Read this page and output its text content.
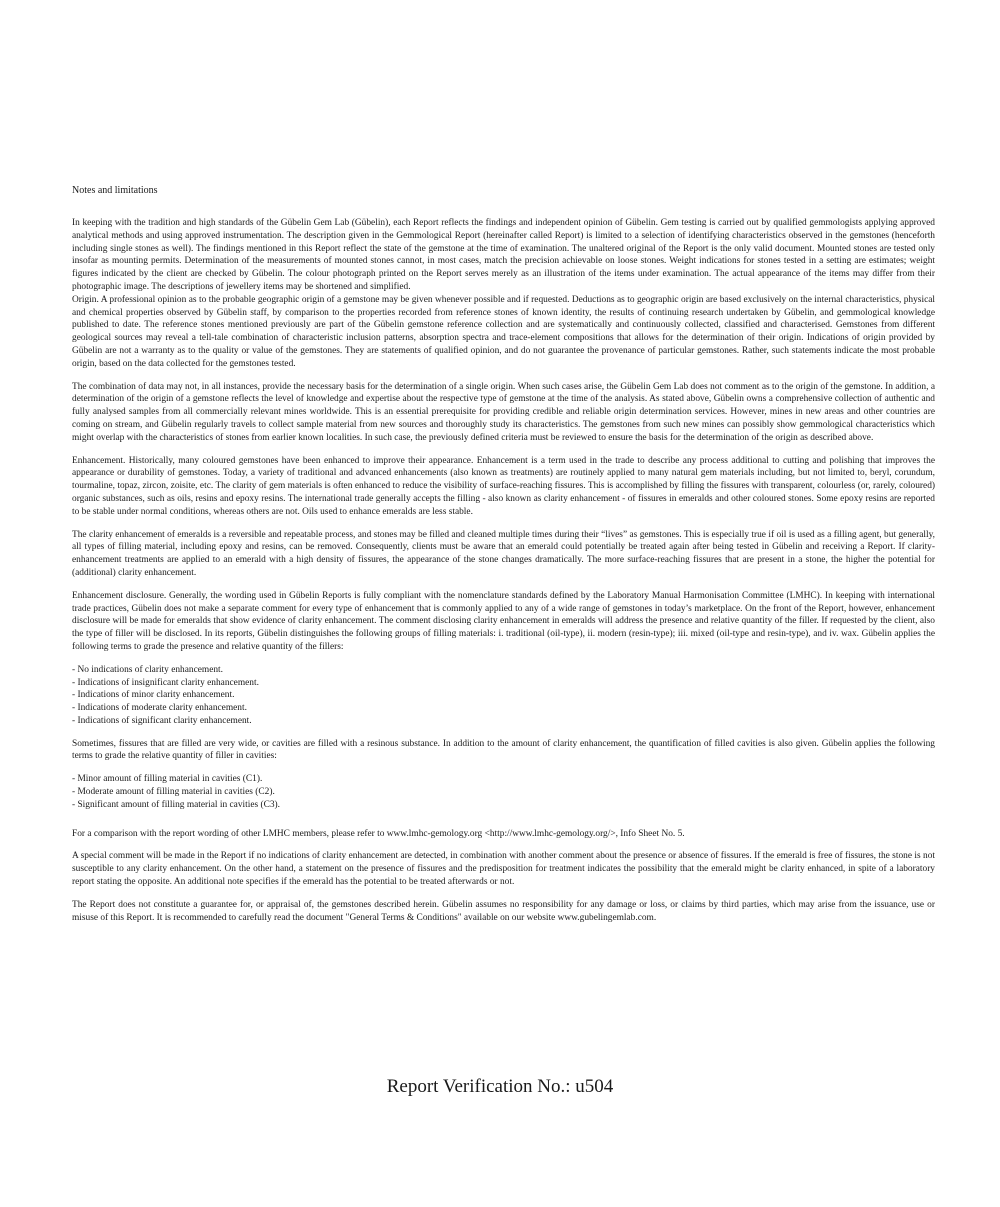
Notes and limitations

In keeping with the tradition and high standards of the Gübelin Gem Lab (Gübelin), each Report reflects the findings and independent opinion of Gübelin. Gem testing is carried out by qualified gemmologists applying approved analytical methods and using approved instrumentation. The description given in the Gemmological Report (hereinafter called Report) is limited to a selection of identifying characteristics observed in the gemstones (henceforth including single stones as well). The findings mentioned in this Report reflect the state of the gemstone at the time of examination. The unaltered original of the Report is the only valid document. Mounted stones are tested only insofar as mounting permits. Determination of the measurements of mounted stones cannot, in most cases, match the precision achievable on loose stones. Weight indications for stones tested in a setting are estimates; weight figures indicated by the client are checked by Gübelin. The colour photograph printed on the Report serves merely as an illustration of the items under examination. The actual appearance of the items may differ from their photographic image. The descriptions of jewellery items may be shortened and simplified.

Origin. A professional opinion as to the probable geographic origin of a gemstone may be given whenever possible and if requested. Deductions as to geographic origin are based exclusively on the internal characteristics, physical and chemical properties observed by Gübelin staff, by comparison to the properties recorded from reference stones of known identity, the results of continuing research undertaken by Gübelin, and gemmological knowledge published to date. The reference stones mentioned previously are part of the Gübelin gemstone reference collection and are systematically and continuously collected, classified and characterised. Gemstones from different geological sources may reveal a tell-tale combination of characteristic inclusion patterns, absorption spectra and trace-element compositions that allows for the determination of their origin. Indications of origin provided by Gübelin are not a warranty as to the quality or value of the gemstones. They are statements of qualified opinion, and do not guarantee the provenance of particular gemstones. Rather, such statements indicate the most probable origin, based on the data collected for the gemstones tested.

The combination of data may not, in all instances, provide the necessary basis for the determination of a single origin. When such cases arise, the Gübelin Gem Lab does not comment as to the origin of the gemstone. In addition, a determination of the origin of a gemstone reflects the level of knowledge and expertise about the respective type of gemstone at the time of the analysis. As stated above, Gübelin owns a comprehensive collection of authentic and fully analysed samples from all commercially relevant mines worldwide. This is an essential prerequisite for providing credible and reliable origin determination services. However, mines in new areas and other countries are coming on stream, and Gübelin regularly travels to collect sample material from new sources and thoroughly study its characteristics. The gemstones from such new mines can possibly show gemmological characteristics which might overlap with the characteristics of stones from earlier known localities. In such case, the previously defined criteria must be reviewed to ensure the basis for the determination of the origin as described above.

Enhancement. Historically, many coloured gemstones have been enhanced to improve their appearance. Enhancement is a term used in the trade to describe any process additional to cutting and polishing that improves the appearance or durability of gemstones. Today, a variety of traditional and advanced enhancements (also known as treatments) are routinely applied to many natural gem materials including, but not limited to, beryl, corundum, tourmaline, topaz, zircon, zoisite, etc. The clarity of gem materials is often enhanced to reduce the visibility of surface-reaching fissures. This is accomplished by filling the fissures with transparent, colourless (or, rarely, coloured) organic substances, such as oils, resins and epoxy resins. The international trade generally accepts the filling - also known as clarity enhancement - of fissures in emeralds and other coloured stones. Some epoxy resins are reported to be stable under normal conditions, whereas others are not. Oils used to enhance emeralds are less stable.

The clarity enhancement of emeralds is a reversible and repeatable process, and stones may be filled and cleaned multiple times during their “lives” as gemstones. This is especially true if oil is used as a filling agent, but generally, all types of filling material, including epoxy and resins, can be removed. Consequently, clients must be aware that an emerald could potentially be treated again after being tested in Gübelin and receiving a Report. If clarity-enhancement treatments are applied to an emerald with a high density of fissures, the appearance of the stone changes dramatically. The more surface-reaching fissures that are present in a stone, the higher the potential for (additional) clarity enhancement.

Enhancement disclosure. Generally, the wording used in Gübelin Reports is fully compliant with the nomenclature standards defined by the Laboratory Manual Harmonisation Committee (LMHC). In keeping with international trade practices, Gübelin does not make a separate comment for every type of enhancement that is commonly applied to any of a wide range of gemstones in today’s marketplace. On the front of the Report, however, enhancement disclosure will be made for emeralds that show evidence of clarity enhancement. The comment disclosing clarity enhancement in emeralds will address the presence and relative quantity of the filler. If requested by the client, also the type of filler will be disclosed. In its reports, Gübelin distinguishes the following groups of filling materials: i. traditional (oil-type), ii. modern (resin-type); iii. mixed (oil-type and resin-type), and iv. wax. Gübelin applies the following terms to grade the presence and relative quantity of the fillers:

- No indications of clarity enhancement.
- Indications of insignificant clarity enhancement.
- Indications of minor clarity enhancement.
- Indications of moderate clarity enhancement.
- Indications of significant clarity enhancement.

Sometimes, fissures that are filled are very wide, or cavities are filled with a resinous substance. In addition to the amount of clarity enhancement, the quantification of filled cavities is also given. Gübelin applies the following terms to grade the relative quantity of filler in cavities:

- Minor amount of filling material in cavities (C1).
- Moderate amount of filling material in cavities (C2).
- Significant amount of filling material in cavities (C3).

For a comparison with the report wording of other LMHC members, please refer to www.lmhc-gemology.org <http://www.lmhc-gemology.org/>, Info Sheet No. 5.

A special comment will be made in the Report if no indications of clarity enhancement are detected, in combination with another comment about the presence or absence of fissures. If the emerald is free of fissures, the stone is not susceptible to any clarity enhancement. On the other hand, a statement on the presence of fissures and the predisposition for treatment indicates the possibility that the emerald might be clarity enhanced, in spite of a laboratory report stating the opposite. An additional note specifies if the emerald has the potential to be treated afterwards or not.

The Report does not constitute a guarantee for, or appraisal of, the gemstones described herein. Gübelin assumes no responsibility for any damage or loss, or claims by third parties, which may arise from the issuance, use or misuse of this Report. It is recommended to carefully read the document "General Terms & Conditions" available on our website www.gubelingemlab.com.

Report Verification No.: u504
